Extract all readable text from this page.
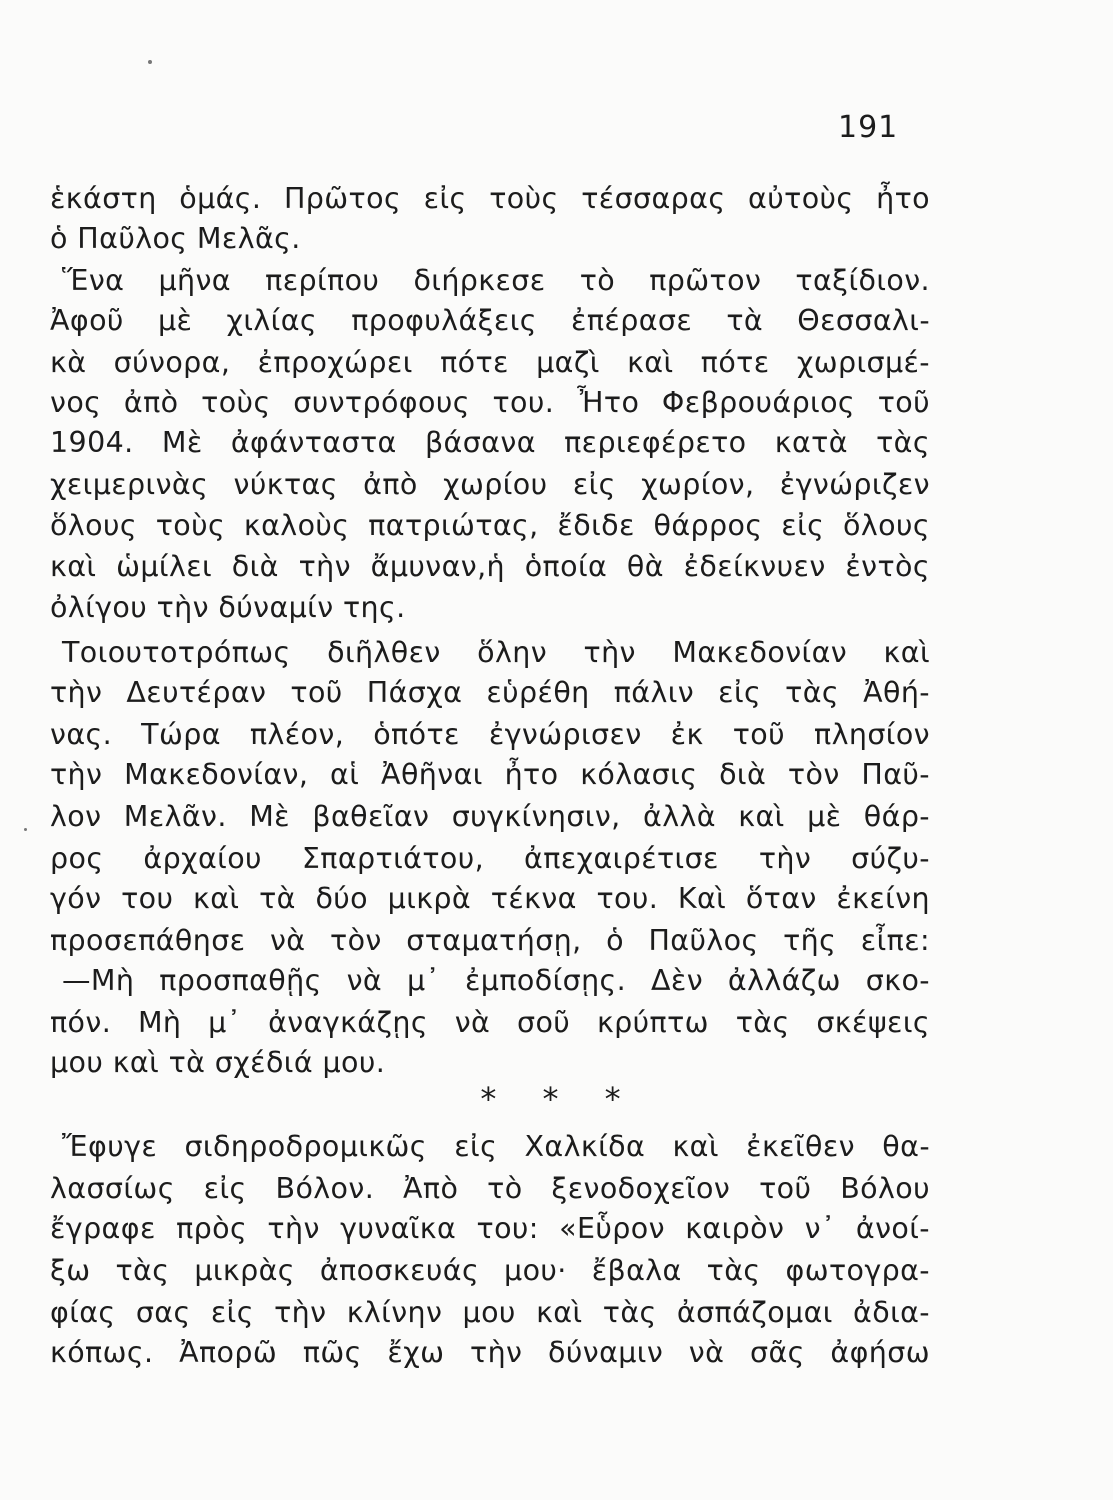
191
ἑκάστη ὁμάς. Πρῶτος εἰς τοὺς τέσσαρας αὐτοὺς ἦτο
ὁ Παῦλος Μελᾶς.
Ἕνα μῆνα περίπου διήρκεσε τὸ πρῶτον ταξίδιον.
Ἀφοῦ μὲ χιλίας προφυλάξεις ἐπέρασε τὰ Θεσσαλι-
κὰ σύνορα, ἐπροχώρει πότε μαζὶ καὶ πότε χωρισμέ-
νος ἀπὸ τοὺς συντρόφους του. Ἦτο Φεβρουάριος τοῦ
1904. Μὲ ἀφάνταστα βάσανα περιεφέρετο κατὰ τὰς
χειμερινὰς νύκτας ἀπὸ χωρίου εἰς χωρίον, ἐγνώριζεν
ὅλους τοὺς καλοὺς πατριώτας, ἔδιδε θάρρος εἰς ὅλους
καὶ ὡμίλει διὰ τὴν ἄμυναν,ἡ ὁποία θὰ ἐδείκνυεν ἐντὸς
ὀλίγου τὴν δύναμίν της.
Τοιουτοτρόπως διῆλθεν ὅλην τὴν Μακεδονίαν καὶ
τὴν Δευτέραν τοῦ Πάσχα εὑρέθη πάλιν εἰς τὰς Ἀθή-
νας. Τώρα πλέον, ὁπότε ἐγνώρισεν ἐκ τοῦ πλησίον
τὴν Μακεδονίαν, αἱ Ἀθῆναι ἦτο κόλασις διὰ τὸν Παῦ-
λον Μελᾶν. Μὲ βαθεῖαν συγκίνησιν, ἀλλὰ καὶ μὲ θάρ-
ρος ἀρχαίου Σπαρτιάτου, ἀπεχαιρέτισε τὴν σύζυ-
γόν του καὶ τὰ δύο μικρὰ τέκνα του. Καὶ ὅταν ἐκείνη
προσεπάθησε νὰ τὸν σταματήσῃ, ὁ Παῦλος τῆς εἶπε:
—Μὴ προσπαθῇς νὰ μ᾽ ἐμποδίσῃς. Δὲν ἀλλάζω σκο-
πόν. Μὴ μ᾽ ἀναγκάζῃς νὰ σοῦ κρύπτω τὰς σκέψεις
μου καὶ τὰ σχέδιά μου.
* * *
Ἔφυγε σιδηροδρομικῶς εἰς Χαλκίδα καὶ ἐκεῖθεν θα-
λασσίως εἰς Βόλον. Ἀπὸ τὸ ξενοδοχεῖον τοῦ Βόλου
ἔγραφε πρὸς τὴν γυναῖκα του: «Εὗρον καιρὸν ν᾽ ἀνοί-
ξω τὰς μικρὰς ἀποσκευάς μου· ἔβαλα τὰς φωτογρα-
φίας σας εἰς τὴν κλίνην μου καὶ τὰς ἀσπάζομαι ἀδια-
κόπως. Ἀπορῶ πῶς ἔχω τὴν δύναμιν νὰ σᾶς ἀφήσω
